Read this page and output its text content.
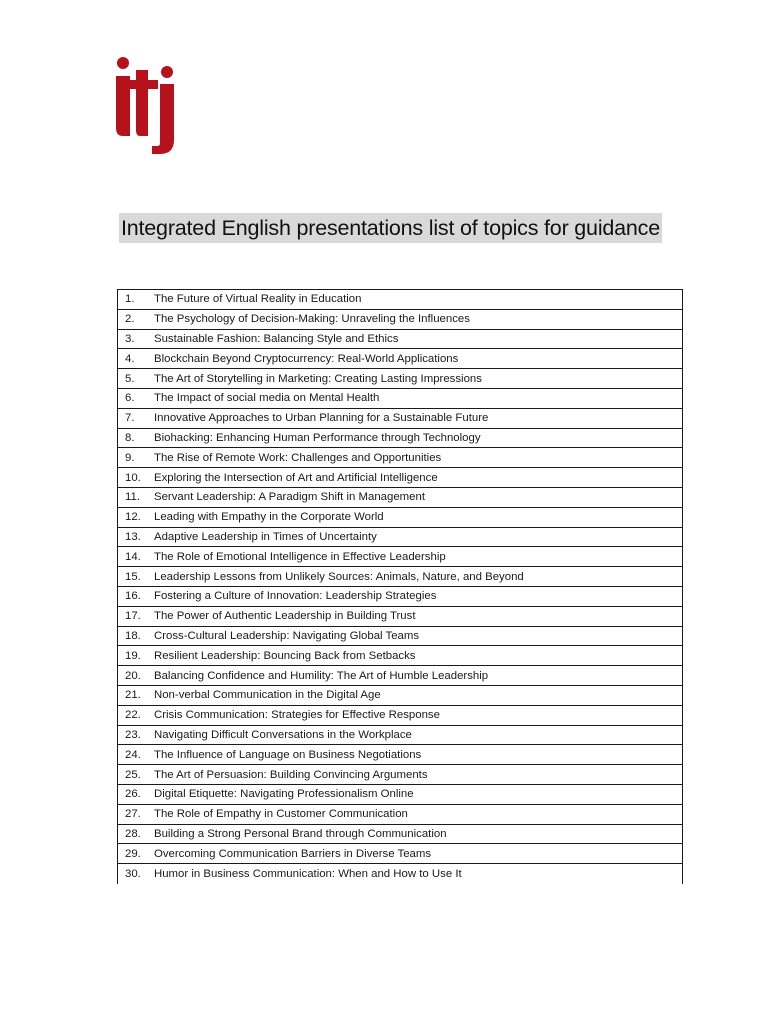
Integrated English presentations list of topics for guidance
1.	The Future of Virtual Reality in Education
2.	The Psychology of Decision-Making: Unraveling the Influences
3.	Sustainable Fashion: Balancing Style and Ethics
4.	Blockchain Beyond Cryptocurrency: Real-World Applications
5.	The Art of Storytelling in Marketing: Creating Lasting Impressions
6.	The Impact of social media on Mental Health
7.	Innovative Approaches to Urban Planning for a Sustainable Future
8.	Biohacking: Enhancing Human Performance through Technology
9.	The Rise of Remote Work: Challenges and Opportunities
10.	Exploring the Intersection of Art and Artificial Intelligence
11.	Servant Leadership: A Paradigm Shift in Management
12.	Leading with Empathy in the Corporate World
13.	Adaptive Leadership in Times of Uncertainty
14.	The Role of Emotional Intelligence in Effective Leadership
15.	Leadership Lessons from Unlikely Sources: Animals, Nature, and Beyond
16.	Fostering a Culture of Innovation: Leadership Strategies
17.	The Power of Authentic Leadership in Building Trust
18.	Cross-Cultural Leadership: Navigating Global Teams
19.	Resilient Leadership: Bouncing Back from Setbacks
20.	Balancing Confidence and Humility: The Art of Humble Leadership
21.	Non-verbal Communication in the Digital Age
22.	Crisis Communication: Strategies for Effective Response
23.	Navigating Difficult Conversations in the Workplace
24.	The Influence of Language on Business Negotiations
25.	The Art of Persuasion: Building Convincing Arguments
26.	Digital Etiquette: Navigating Professionalism Online
27.	The Role of Empathy in Customer Communication
28.	Building a Strong Personal Brand through Communication
29.	Overcoming Communication Barriers in Diverse Teams
30.	Humor in Business Communication: When and How to Use It
